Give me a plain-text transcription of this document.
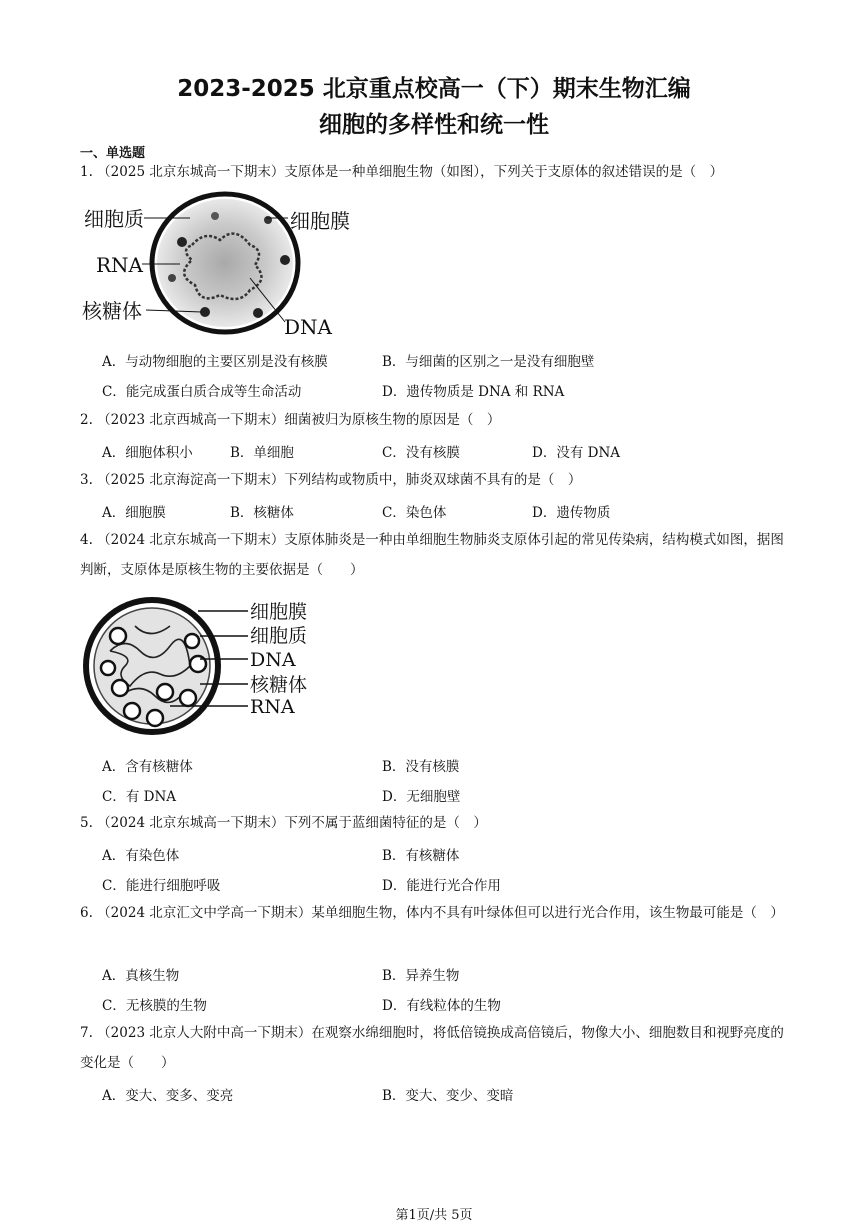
2023-2025 北京重点校高一（下）期末生物汇编
细胞的多样性和统一性
一、单选题
1. （2025 北京东城高一下期末）支原体是一种单细胞生物（如图），下列关于支原体的叙述错误的是（　）
细胞质	细胞膜
RNA
核糖体
DNA
A．与动物细胞的主要区别是没有核膜	B．与细菌的区别之一是没有细胞壁
C．能完成蛋白质合成等生命活动	D．遗传物质是 DNA 和 RNA
2. （2023 北京西城高一下期末）细菌被归为原核生物的原因是（　）
A．细胞体积小	B．单细胞	C．没有核膜	D．没有 DNA
3. （2025 北京海淀高一下期末）下列结构或物质中，肺炎双球菌不具有的是（　）
A．细胞膜	B．核糖体	C．染色体	D．遗传物质
4. （2024 北京东城高一下期末）支原体肺炎是一种由单细胞生物肺炎支原体引起的常见传染病，结构模式如图，据图判断，支原体是原核生物的主要依据是（　　）
细胞膜
细胞质
DNA
核糖体
RNA
A．含有核糖体	B．没有核膜
C．有 DNA	D．无细胞壁
5. （2024 北京东城高一下期末）下列不属于蓝细菌特征的是（　）
A．有染色体	B．有核糖体
C．能进行细胞呼吸	D．能进行光合作用
6. （2024 北京汇文中学高一下期末）某单细胞生物，体内不具有叶绿体但可以进行光合作用，该生物最可能是（　）
A．真核生物	B．异养生物
C．无核膜的生物	D．有线粒体的生物
7. （2023 北京人大附中高一下期末）在观察水绵细胞时，将低倍镜换成高倍镜后，物像大小、细胞数目和视野亮度的变化是（　　）
A．变大、变多、变亮	B．变大、变少、变暗
第1页/共 5页
